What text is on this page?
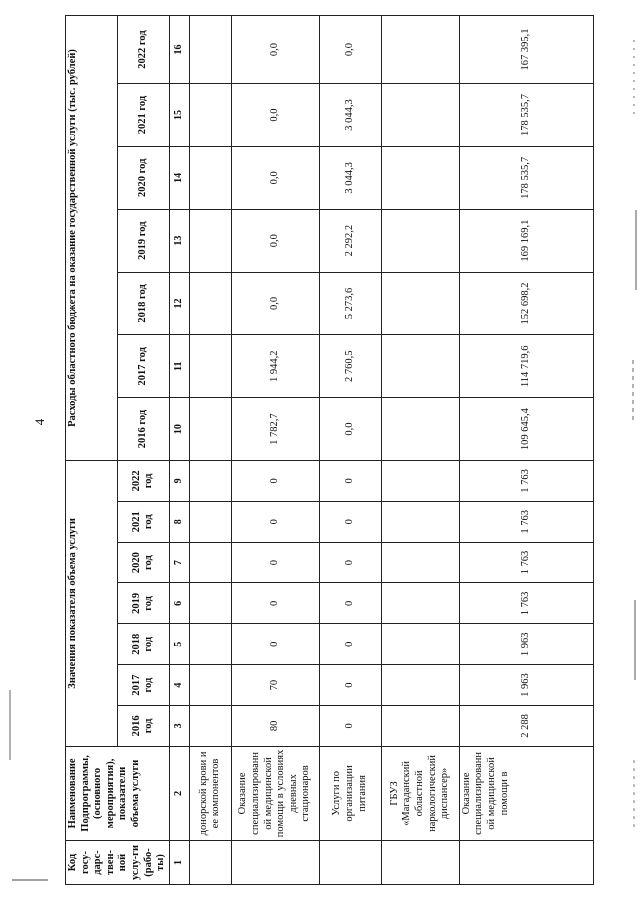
4
Код госу-дарс-твен-ной услу-ги (рабо-ты)	Наименование Подпрограммы, (основного мероприятия), показатели объема услуги	Значения показателя объема услуги							Расходы областного бюджета на оказание государственной услуги (тыс. рублей)						
		2016 год	2017 год	2018 год	2019 год	2020 год	2021 год	2022 год	2016 год	2017 год	2018 год	2019 год	2020 год	2021 год	2022 год
1	2	3	4	5	6	7	8	9	10	11	12	13	14	15	16
	донорской крови и ее компонентов														
	Оказание специализированн ой медицинской помощи в условиях дневных стационаров	80	70	0	0	0	0	0	1 782,7	1 944,2	0,0	0,0	0,0	0,0	0,0
	Услуги по организации питания	0	0	0	0	0	0	0	0,0	2 760,5	5 273,6	2 292,2	3 044,3	3 044,3	0,0
	ГБУЗ «Магаданский областной наркологический диспансер»														
	Оказание специализированн ой медицинской помощи в	2 288	1 963	1 963	1 763	1 763	1 763	1 763	109 645,4	114 719,6	152 698,2	169 169,1	178 535,7	178 535,7	167 395,1
